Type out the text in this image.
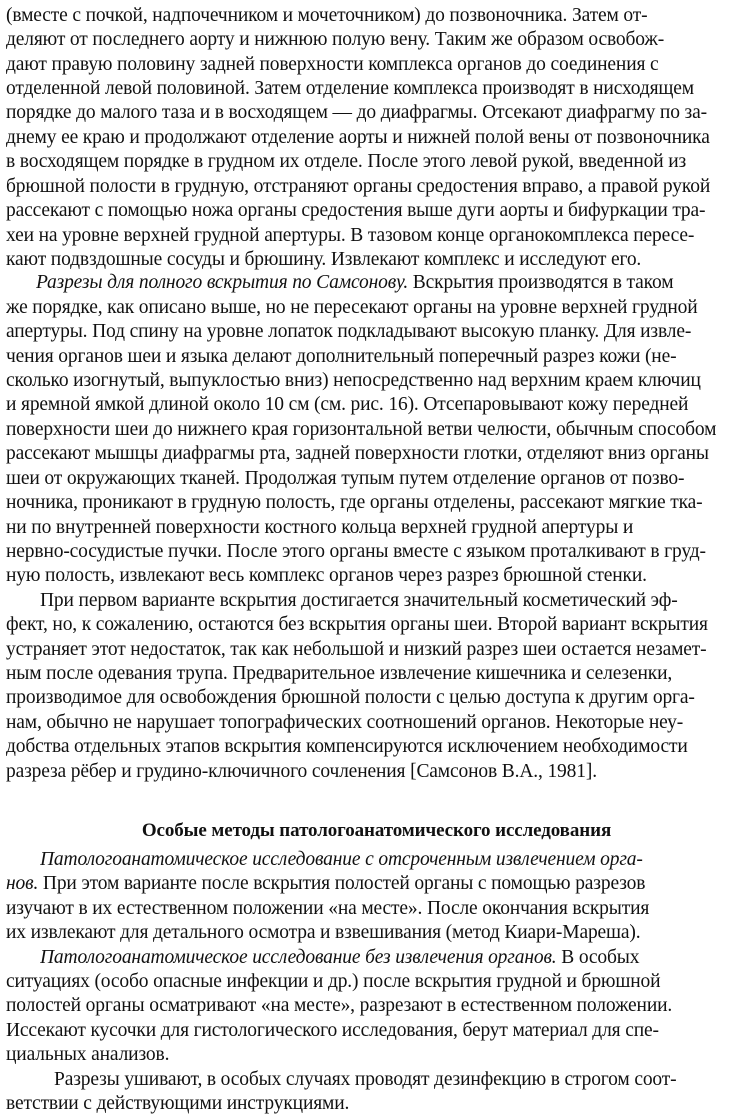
(вместе с почкой, надпочечником и мочеточником) до позвоночника. Затем от-
деляют от последнего аорту и нижнюю полую вену. Таким же образом освобож-
дают правую половину задней поверхности комплекса органов до соединения с
отделенной левой половиной. Затем отделение комплекса производят в нисходящем
порядке до малого таза и в восходящем — до диафрагмы. Отсекают диафрагму по за-
днему ее краю и продолжают отделение аорты и нижней полой вены от позвоночника
в восходящем порядке в грудном их отделе. После этого левой рукой, введенной из
брюшной полости в грудную, отстраняют органы средостения вправо, а правой рукой
рассекают с помощью ножа органы средостения выше дуги аорты и бифуркации тра-
хеи на уровне верхней грудной апертуры. В тазовом конце органокомплекса пересе-
кают подвздошные сосуды и брюшину. Извлекают комплекс и исследуют его.
Разрезы для полного вскрытия по Самсонову. Вскрытия производятся в таком
же порядке, как описано выше, но не пересекают органы на уровне верхней грудной
апертуры. Под спину на уровне лопаток подкладывают высокую планку. Для извле-
чения органов шеи и языка делают дополнительный поперечный разрез кожи (не-
сколько изогнутый, выпуклостью вниз) непосредственно над верхним краем ключиц
и яремной ямкой длиной около 10 см (см. рис. 16). Отсепаровывают кожу передней
поверхности шеи до нижнего края горизонтальной ветви челюсти, обычным способом
рассекают мышцы диафрагмы рта, задней поверхности глотки, отделяют вниз органы
шеи от окружающих тканей. Продолжая тупым путем отделение органов от позво-
ночника, проникают в грудную полость, где органы отделены, рассекают мягкие тка-
ни по внутренней поверхности костного кольца верхней грудной апертуры и
нервно-сосудистые пучки. После этого органы вместе с языком проталкивают в груд-
ную полость, извлекают весь комплекс органов через разрез брюшной стенки.
При первом варианте вскрытия достигается значительный косметический эф-
фект, но, к сожалению, остаются без вскрытия органы шеи. Второй вариант вскрытия
устраняет этот недостаток, так как небольшой и низкий разрез шеи остается незамет-
ным после одевания трупа. Предварительное извлечение кишечника и селезенки,
производимое для освобождения брюшной полости с целью доступа к другим орга-
нам, обычно не нарушает топографических соотношений органов. Некоторые неу-
добства отдельных этапов вскрытия компенсируются исключением необходимости
разреза рёбер и грудино-ключичного сочленения [Самсонов В.А., 1981].
Особые методы патологоанатомического исследования
Патологоанатомическое исследование с отсроченным извлечением орга-
нов. При этом варианте после вскрытия полостей органы с помощью разрезов
изучают в их естественном положении «на месте». После окончания вскрытия
их извлекают для детального осмотра и взвешивания (метод Киари-Мареша).
Патологоанатомическое исследование без извлечения органов. В особых
ситуациях (особо опасные инфекции и др.) после вскрытия грудной и брюшной
полостей органы осматривают «на месте», разрезают в естественном положении.
Иссекают кусочки для гистологического исследования, берут материал для спе-
циальных анализов.
Разрезы ушивают, в особых случаях проводят дезинфекцию в строгом соот-
ветствии с действующими инструкциями.
